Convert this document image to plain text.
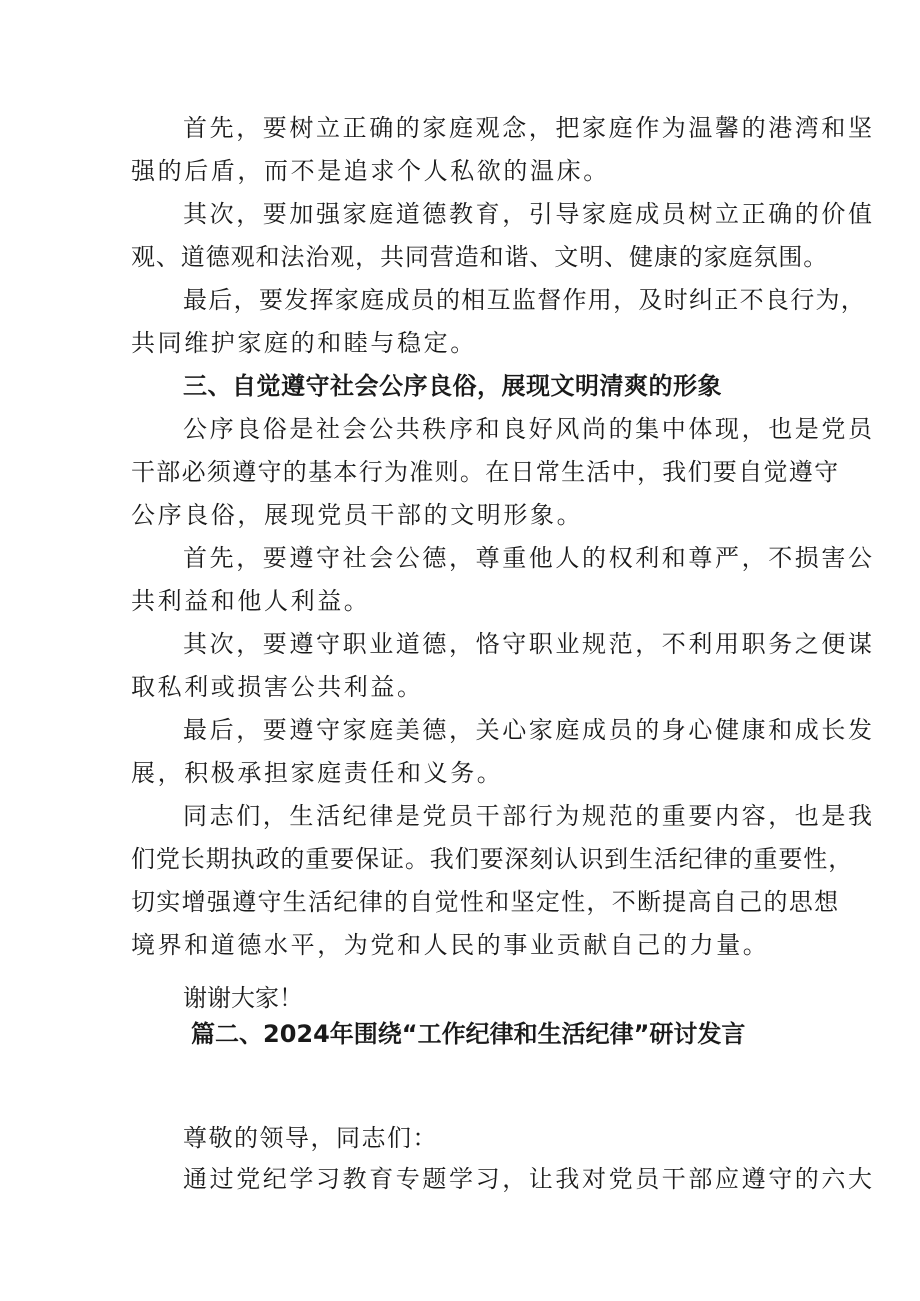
首先，要树立正确的家庭观念，把家庭作为温馨的港湾和坚
强的后盾，而不是追求个人私欲的温床。
其次，要加强家庭道德教育，引导家庭成员树立正确的价值
观、道德观和法治观，共同营造和谐、文明、健康的家庭氛围。
最后，要发挥家庭成员的相互监督作用，及时纠正不良行为，
共同维护家庭的和睦与稳定。
三、自觉遵守社会公序良俗，展现文明清爽的形象
公序良俗是社会公共秩序和良好风尚的集中体现，也是党员
干部必须遵守的基本行为准则。在日常生活中，我们要自觉遵守
公序良俗，展现党员干部的文明形象。
首先，要遵守社会公德，尊重他人的权利和尊严，不损害公
共利益和他人利益。
其次，要遵守职业道德，恪守职业规范，不利用职务之便谋
取私利或损害公共利益。
最后，要遵守家庭美德，关心家庭成员的身心健康和成长发
展，积极承担家庭责任和义务。
同志们，生活纪律是党员干部行为规范的重要内容，也是我
们党长期执政的重要保证。我们要深刻认识到生活纪律的重要性，
切实增强遵守生活纪律的自觉性和坚定性，不断提高自己的思想
境界和道德水平，为党和人民的事业贡献自己的力量。
谢谢大家！
篇二、2024年围绕“工作纪律和生活纪律”研讨发言
尊敬的领导，同志们：
通过党纪学习教育专题学习，让我对党员干部应遵守的六大
